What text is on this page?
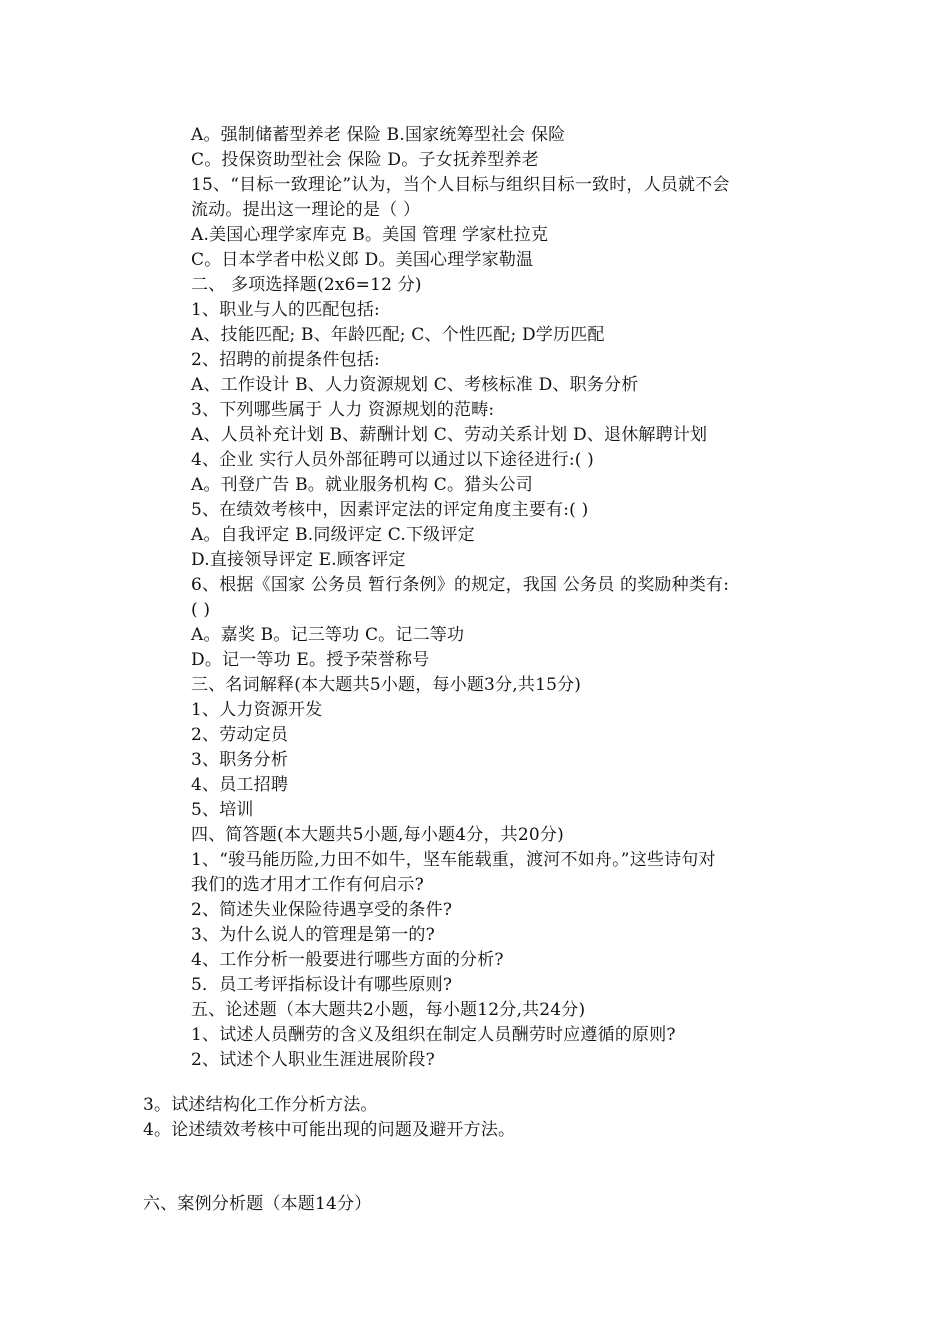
A。强制储蓄型养老 保险 B.国家统筹型社会 保险
C。投保资助型社会 保险 D。子女抚养型养老
15、“目标一致理论”认为，当个人目标与组织目标一致时，人员就不会
流动。提出这一理论的是（ ）
A.美国心理学家库克 B。美国 管理 学家杜拉克
C。日本学者中松义郎 D。美国心理学家勒温
二、 多项选择题(2x6=12 分)
1、职业与人的匹配包括:
A、技能匹配; B、年龄匹配; C、个性匹配; D学历匹配
2、招聘的前提条件包括:
A、工作设计 B、人力资源规划 C、考核标准 D、职务分析
3、下列哪些属于 人力 资源规划的范畴:
A、人员补充计划 B、薪酬计划 C、劳动关系计划 D、退休解聘计划
4、企业 实行人员外部征聘可以通过以下途径进行:( )
A。刊登广告 B。就业服务机构 C。猎头公司
5、在绩效考核中，因素评定法的评定角度主要有:( )
A。自我评定 B.同级评定 C.下级评定
D.直接领导评定 E.顾客评定
6、根据《国家 公务员 暂行条例》的规定，我国 公务员 的奖励种类有:
( )
A。嘉奖 B。记三等功 C。记二等功
D。记一等功 E。授予荣誉称号
三、名词解释(本大题共5小题，每小题3分,共15分)
1、人力资源开发
2、劳动定员
3、职务分析
4、员工招聘
5、培训
四、简答题(本大题共5小题,每小题4分，共20分)
1、“骏马能历险,力田不如牛，坚车能载重，渡河不如舟。”这些诗句对
我们的选才用才工作有何启示?
2、简述失业保险待遇享受的条件?
3、为什么说人的管理是第一的?
4、工作分析一般要进行哪些方面的分析?
5．员工考评指标设计有哪些原则?
五、论述题（本大题共2小题，每小题12分,共24分)
1、试述人员酬劳的含义及组织在制定人员酬劳时应遵循的原则?
2、试述个人职业生涯进展阶段?
3。试述结构化工作分析方法。
4。论述绩效考核中可能出现的问题及避开方法。
六、案例分析题（本题14分）
